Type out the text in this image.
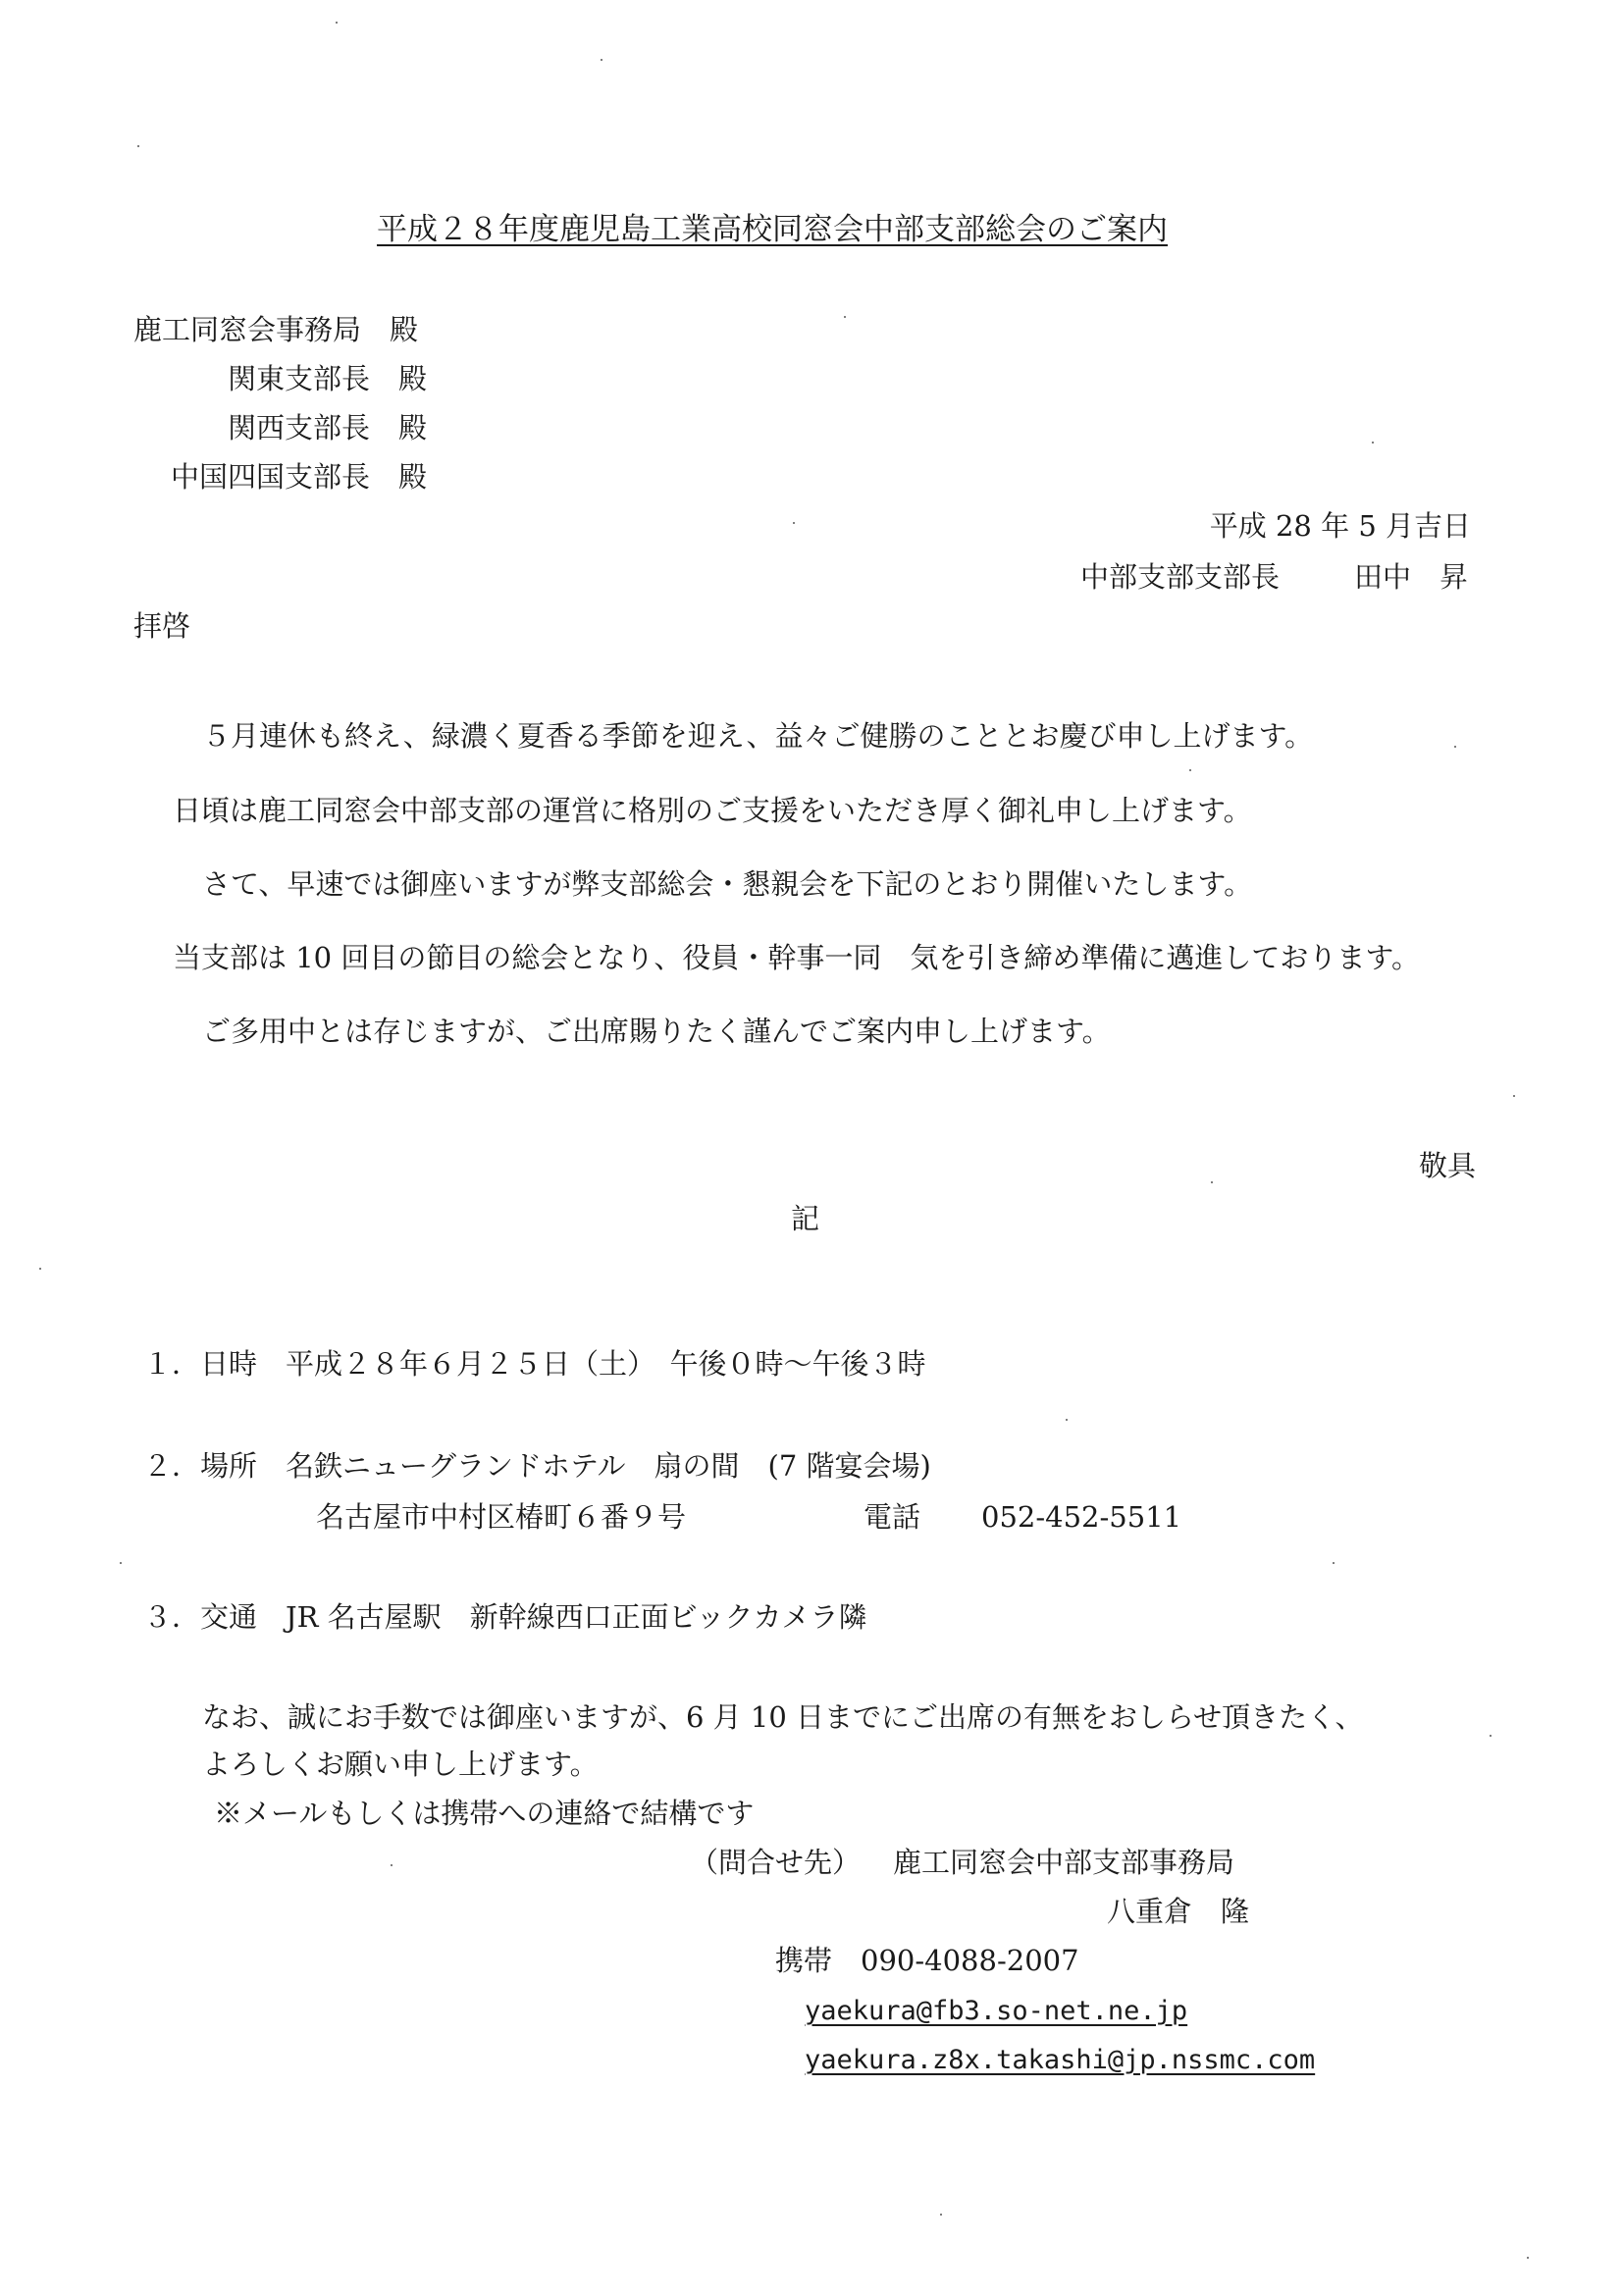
平成２８年度鹿児島工業高校同窓会中部支部総会のご案内
鹿工同窓会事務局　殿
関東支部長　殿
関西支部長　殿
中国四国支部長　殿
平成 28 年 5 月吉日
中部支部支部長	田中　昇
拝啓
５月連休も終え、緑濃く夏香る季節を迎え、益々ご健勝のこととお慶び申し上げます。
日頃は鹿工同窓会中部支部の運営に格別のご支援をいただき厚く御礼申し上げます。
さて、早速では御座いますが弊支部総会・懇親会を下記のとおり開催いたします。
当支部は 10 回目の節目の総会となり、役員・幹事一同　気を引き締め準備に邁進しております。
ご多用中とは存じますが、ご出席賜りたく謹んでご案内申し上げます。
敬具
記
１．日時　平成２８年６月２５日（土）　午後０時～午後３時
２．場所　名鉄ニューグランドホテル　扇の間　(7 階宴会場)
名古屋市中村区椿町６番９号	電話 052-452-5511
３．交通　JR 名古屋駅　新幹線西口正面ビックカメラ隣
なお、誠にお手数では御座いますが、6 月 10 日までにご出席の有無をおしらせ頂きたく、
よろしくお願い申し上げます。
※メールもしくは携帯への連絡で結構です
（問合せ先） 鹿工同窓会中部支部事務局
八重倉　隆
携帯　090-4088-2007
yaekura@fb3.so-net.ne.jp
yaekura.z8x.takashi@jp.nssmc.com
